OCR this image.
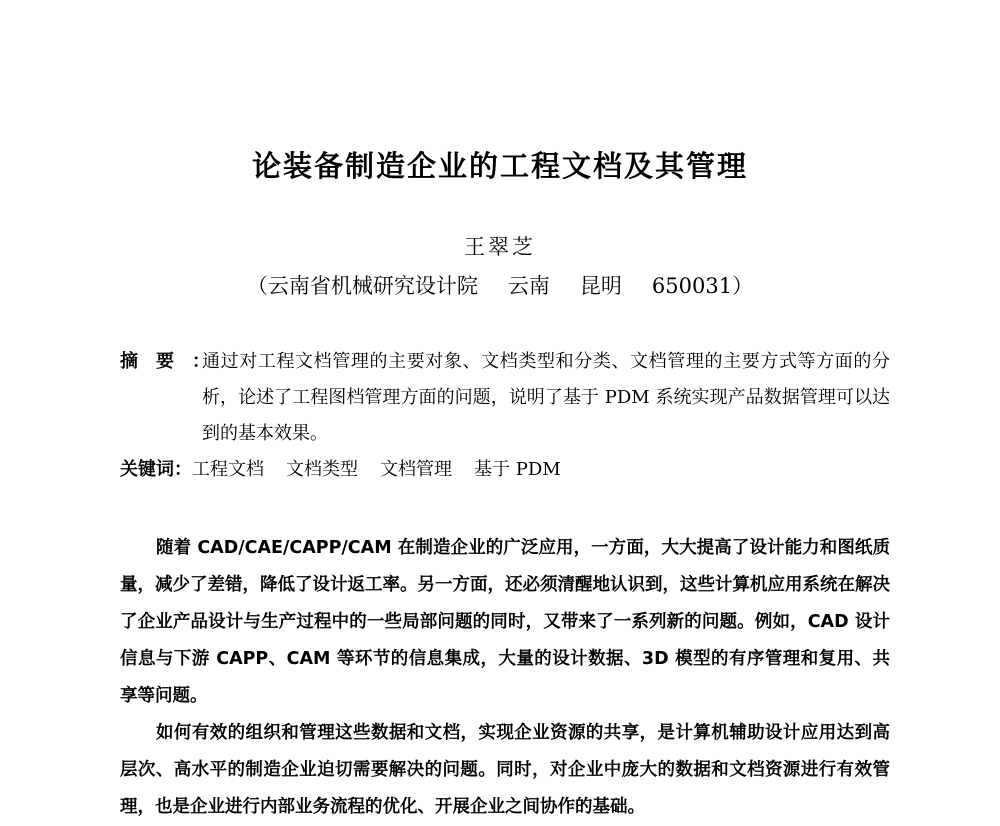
论装备制造企业的工程文档及其管理
王翠芝
（云南省机械研究设计院 云南 昆明 650031）
摘要：
通过对工程文档管理的主要对象、文档类型和分类、文档管理的主要方式等方面的分析，论述了工程图档管理方面的问题，说明了基于 PDM 系统实现产品数据管理可以达到的基本效果。
关键词：工程文档 文档类型 文档管理 基于 PDM

随着 CAD/CAE/CAPP/CAM 在制造企业的广泛应用，一方面，大大提高了设计能力和图纸质量，减少了差错，降低了设计返工率。另一方面，还必须清醒地认识到，这些计算机应用系统在解决了企业产品设计与生产过程中的一些局部问题的同时，又带来了一系列新的问题。例如，CAD 设计信息与下游 CAPP、CAM 等环节的信息集成，大量的设计数据、3D 模型的有序管理和复用、共享等问题。

如何有效的组织和管理这些数据和文档，实现企业资源的共享，是计算机辅助设计应用达到高层次、高水平的制造企业迫切需要解决的问题。同时，对企业中庞大的数据和文档资源进行有效管理，也是企业进行内部业务流程的优化、开展企业之间协作的基础。
